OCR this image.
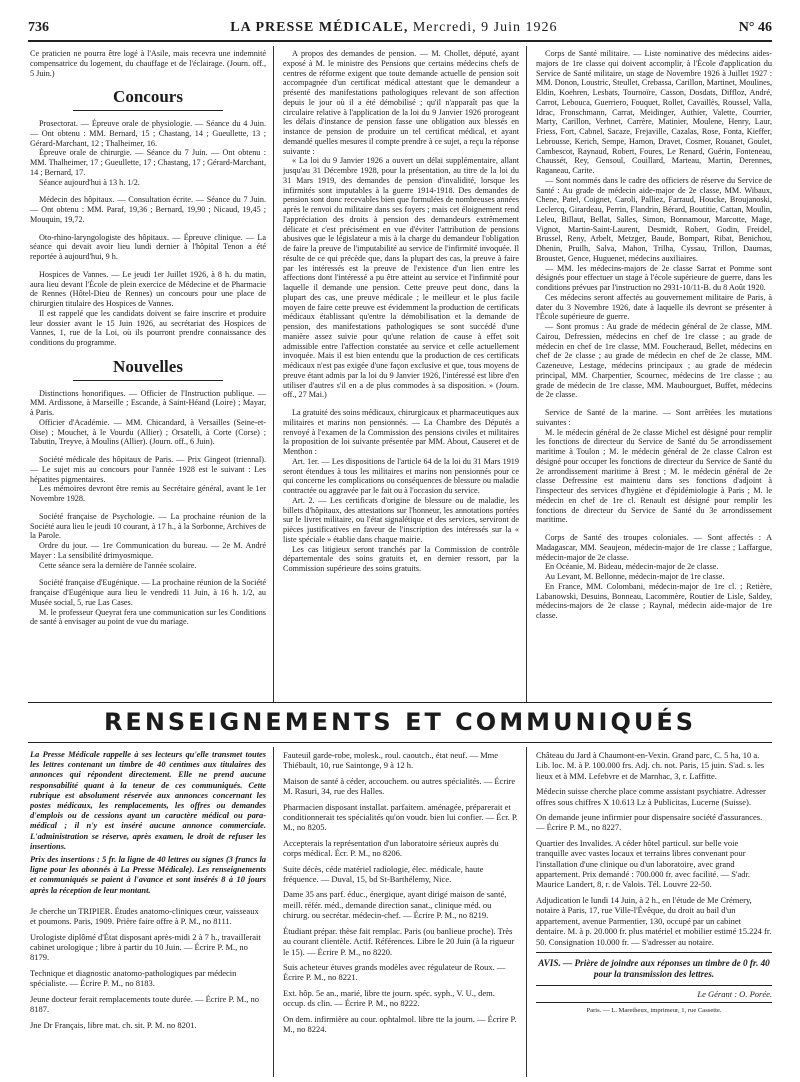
736	LA PRESSE MÉDICALE, Mercredi, 9 Juin 1926	N° 46

Ce praticien ne pourra être logé à l'Asile, mais recevra une indemnité compensatrice du logement, du chauffage et de l'éclairage. (Journ. off., 5 Juin.)

Concours

Prosectorat. — Épreuve orale de physiologie. — Séance du 4 Juin. — Ont obtenu : MM. Bernard, 15 ; Chastang, 14 ; Gueullette, 13 ; Gérard-Marchant, 12 ; Thalheimer, 16.

Épreuve orale de chirurgie. — Séance du 7 Juin. — Ont obtenu : MM. Thalheimer, 17 ; Gueullette, 17 ; Chastang, 17 ; Gérard-Marchant, 14 ; Bernard, 17.

Séance aujourd'hui à 13 h. 1/2.

Médecin des hôpitaux. — Consultation écrite. — Séance du 7 Juin. — Ont obtenu : MM. Paraf, 19,36 ; Bernard, 19,90 ; Nicaud, 19,45 ; Mouquin, 19,72.

Oto-rhino-laryngologiste des hôpitaux. — Épreuve clinique. — La séance qui devait avoir lieu lundi dernier à l'hôpital Tenon a été reportée à aujourd'hui, 9 h.

Hospices de Vannes. — Le jeudi 1er Juillet 1926, à 8 h. du matin, aura lieu devant l'École de plein exercice de Médecine et de Pharmacie de Rennes (Hôtel-Dieu de Rennes) un concours pour une place de chirurgien titulaire des Hospices de Vannes.

Il est rappelé que les candidats doivent se faire inscrire et produire leur dossier avant le 15 Juin 1926, au secrétariat des Hospices de Vannes, 1, rue de la Loi, où ils pourront prendre connaissance des conditions du programme.

Nouvelles

Distinctions honorifiques. — Officier de l'Instruction publique. — MM. Ardissone, à Marseille ; Escande, à Saint-Héand (Loire) ; Mayar, à Paris.

Officier d'Académie. — MM. Chicandard, à Versailles (Seine-et-Oise) ; Mouchet, à le Vourdu (Allier) ; Orsatelli, à Corte (Corse) ; Tabutin, Treyve, à Moulins (Allier). (Journ. off., 6 Juin).

Société médicale des hôpitaux de Paris. — Prix Gingeot (triennal). — Le sujet mis au concours pour l'année 1928 est le suivant : Les hépatites pigmentaires.

Les mémoires devront être remis au Secrétaire général, avant le 1er Novembre 1928.

Société française de Psychologie. — La prochaine réunion de la Société aura lieu le jeudi 10 courant, à 17 h., à la Sorbonne, Archives de la Parole.

Ordre du jour. — 1re Communication du bureau. — 2e M. André Mayer : La sensibilité drimyosmique.

Cette séance sera la dernière de l'année scolaire.

Société française d'Eugénique. — La prochaine réunion de la Société française d'Eugénique aura lieu le vendredi 11 Juin, à 16 h. 1/2, au Musée social, 5, rue Las Cases.

M. le professeur Queyrat fera une communication sur les Conditions de santé à envisager au point de vue du mariage.

A propos des demandes de pension. — M. Chollet, député, ayant exposé à M. le ministre des Pensions que certains médecins chefs de centres de réforme exigent que toute demande actuelle de pension soit accompagnée d'un certificat médical attestant que le demandeur a présenté des manifestations pathologiques relevant de son affection depuis le jour où il a été démobilisé ; qu'il n'apparaît pas que la circulaire relative à l'application de la loi du 9 Janvier 1926 prorogeant les délais d'instance de pension fasse une obligation aux blessés en instance de pension de produire un tel certificat médical, et ayant demandé quelles mesures il compte prendre à ce sujet, a reçu la réponse suivante :

« La loi du 9 Janvier 1926 a ouvert un délai supplémentaire, allant jusqu'au 31 Décembre 1928, pour la présentation, au titre de la loi du 31 Mars 1919, des demandes de pension d'invalidité, lorsque les infirmités sont imputables à la guerre 1914-1918. Des demandes de pension sont donc recevables bien que formulées de nombreuses années après le renvoi du militaire dans ses foyers ; mais cet éloignement rend l'appréciation des droits à pension des demandeurs extrêmement délicate et c'est précisément en vue d'éviter l'attribution de pensions abusives que le législateur a mis à la charge du demandeur l'obligation de faire la preuve de l'imputabilité au service de l'infirmité invoquée. Il résulte de ce qui précède que, dans la plupart des cas, la preuve à faire par les intéressés est la preuve de l'existence d'un lien entre les affections dont l'intéressé a pu être atteint au service et l'infirmité pour laquelle il demande une pension. Cette preuve peut donc, dans la plupart des cas, une preuve médicale ; le meilleur et le plus facile moyen de faire cette preuve est évidemment la production de certificats médicaux établissant qu'entre la démobilisation et la demande de pension, des manifestations pathologiques se sont succédé d'une manière assez suivie pour qu'une relation de cause à effet soit admissible entre l'affection constatée au service et celle actuellement invoquée. Mais il est bien entendu que la production de ces certificats médicaux n'est pas exigée d'une façon exclusive et que, tous moyens de preuve étant admis par la loi du 9 Janvier 1926, l'intéressé est libre d'en utiliser d'autres s'il en a de plus commodes à sa disposition. » (Journ. off., 27 Mai.)

La gratuité des soins médicaux, chirurgicaux et pharmaceutiques aux militaires et marins non pensionnés. — La Chambre des Députés a renvoyé à l'examen de la Commission des pensions civiles et militaires la proposition de loi suivante présentée par MM. About, Causeret et de Menthon :

Art. 1er. — Les dispositions de l'article 64 de la loi du 31 Mars 1919 seront étendues à tous les militaires et marins non pensionnés pour ce qui concerne les complications ou conséquences de blessure ou maladie contractée ou aggravée par le fait ou à l'occasion du service.

Art. 2. — Les certificats d'origine de blessure ou de maladie, les billets d'hôpitaux, des attestations sur l'honneur, les annotations portées sur le livret militaire, ou l'état signalétique et des services, serviront de pièces justificatives en faveur de l'inscription des intéressés sur la « liste spéciale » établie dans chaque mairie.

Les cas litigieux seront tranchés par la Commission de contrôle départementale des soins gratuits et, en dernier ressort, par la Commission supérieure des soins gratuits.

Corps de Santé militaire. — Liste nominative des médecins aides-majors de 1re classe qui doivent accomplir, à l'École d'application du Service de Santé militaire, un stage de Novembre 1926 à Juillet 1927 : MM. Donon, Loustric, Steullet, Crebassa, Carillon, Martinet, Moulines, Eldin, Koehren, Lesbats, Tournoïre, Casson, Dosdats, Diffloz, André, Carrot, Lebouca, Guerriero, Fouquet, Rollet, Cavaillès, Roussel, Valla, Idrac, Fronschmann, Carrat, Meidinger, Authier, Valette, Courrier, Marty, Carillon, Verhnet, Carrère, Matinier, Moulene, Henry, Laur, Friess, Fort, Cabnel, Sacaze, Frejaville, Cazalas, Rose, Fonta, Kieffer, Lebrousse, Kerich, Sempe, Hamon, Dravet, Cosmer, Rouanet, Goulet, Cambescot, Raynaud, Robert, Foures, Le Renard, Guérin, Fonteneau, Chaussét, Rey, Gensoul, Couillard, Marteau, Martin, Derennes, Raganeau, Carite.

— Sont nommés dans le cadre des officiers de réserve du Service de Santé : Au grade de médecin aide-major de 2e classe, MM. Wibaux, Chene, Patel, Coignet, Caroli, Palliez, Farraud, Houcke, Broujanoski, Leclercq, Girardeau, Perrin, Flandrin, Bérard, Boutitie, Cattan, Moulin, Leleu, Billaut, Bellat, Salles, Simon, Bonnamour, Marcotte, Mage, Vignot, Martin-Saint-Laurent, Desmidt, Robert, Godin, Freidel, Brussel, Reny, Arbelt, Metzger, Baude, Bompart, Ribat, Benichou, Dhenin, Pruilh, Salva, Mahon, Trilha, Cyssau, Trillon, Daumas, Broustet, Gence, Huguenet, médecins auxiliaires.

— MM. les médecins-majors de 2e classe Sarrat et Pomme sont désignés pour effectuer un stage à l'école supérieure de guerre, dans les conditions prévues par l'instruction no 2931-10/11-B. du 8 Août 1920.

Ces médecins seront affectés au gouvernement militaire de Paris, à dater du 3 Novembre 1926, date à laquelle ils devront se présenter à l'École supérieure de guerre.

— Sont promus : Au grade de médecin général de 2e classe, MM. Cairou, Defressien, médecins en chef de 1re classe ; au grade de médecin en chef de 1re classe, MM. Foucheraud, Bellet, médecins en chef de 2e classe ; au grade de médecin en chef de 2e classe, MM. Cazeneuve, Lestage, médecins principaux ; au grade de médecin principal, MM. Charpentier, Scournec, médecins de 1re classe ; au grade de médecin de 1re classe, MM. Maubourguet, Buffet, médecins de 2e classe.

Service de Santé de la marine. — Sont arrêtées les mutations suivantes :

M. le médecin général de 2e classe Michel est désigné pour remplir les fonctions de directeur du Service de Santé du 5e arrondissement maritime à Toulon ; M. le médecin général de 2e classe Calron est désigné pour occuper les fonctions de directeur du Service de Santé du 2e arrondissement maritime à Brest ; M. le médecin général de 2e classe Defressine est maintenu dans ses fonctions d'adjoint à l'inspecteur des services d'hygiène et d'épidémiologie à Paris ; M. le médecin en chef de 1re cl. Renault est désigné pour remplir les fonctions de directeur du Service de Santé du 3e arrondissement maritime.

Corps de Santé des troupes coloniales. — Sont affectés : A Madagascar, MM. Seaujeon, médecin-major de 1re classe ; Laffargue, médecin-major de 2e classe.

En Océanie, M. Bideau, médecin-major de 2e classe.

Au Levant, M. Bellonne, médecin-major de 1re classe.

En France, MM. Colombani, médecin-major de 1re cl. ; Retière, Labanowski, Desuins, Bonneau, Lacommère, Routier de Lisle, Saldey, médecins-majors de 2e classe ; Raynal, médecin aide-major de 1re classe.

RENSEIGNEMENTS ET COMMUNIQUÉS

La Presse Médicale rappelle à ses lecteurs qu'elle transmet toutes les lettres contenant un timbre de 40 centimes aux titulaires des annonces qui répondent directement. Elle ne prend aucune responsabilité quant à la teneur de ces communiqués. Cette rubrique est absolument réservée aux annonces concernant les postes médicaux, les remplacements, les offres ou demandes d'emplois ou de cessions ayant un caractère médical ou para-médical ; il n'y est inséré aucune annonce commerciale. L'administration se réserve, après examen, le droit de refuser les insertions.

Prix des insertions : 5 fr. la ligne de 40 lettres ou signes (3 francs la ligne pour les abonnés à La Presse Médicale). Les renseignements et communiqués se paient à l'avance et sont insérés 8 à 10 jours après la réception de leur montant.

Je cherche un TRIPIER. Études anatomo-cliniques cœur, vaisseaux et poumons. Paris, 1909. Prière faire offre à P. M., no 8111.

Urologiste diplômé d'État disposant après-midi 2 à 7 h., travaillerait cabinet urologique ; libre à partir du 10 Juin. — Écrire P. M., no 8179.

Technique et diagnostic anatomo-pathologiques par médecin spécialiste. — Écrire P. M., no 8183.

Jeune docteur ferait remplacements toute durée. — Écrire P. M., no 8187.

Jne Dr Français, libre mat. ch. sit. P. M. no 8201.

Fauteuil garde-robe, molesk., roul. caoutch., état neuf. — Mme Thiébault, 10, rue Saintonge, 9 à 12 h.

Maison de santé à céder, accouchem. ou autres spécialités. — Écrire M. Rasuri, 34, rue des Halles.

Pharmacien disposant installat. parfaitem. aménagée, préparerait et conditionnerait tes spécialités qu'on voudr. bien lui confier. — Écr. P. M., no 8205.

Accepterais la représentation d'un laboratoire sérieux auprès du corps médical. Écr. P. M., no 8206.

Suite décès, céde matériel radiologie, élec. médicale, haute fréquence. — Duval, 15, bd St-Barthélemy, Nice.

Dame 35 ans parf. éduc., énergique, ayant dirigé maison de santé, meill. référ. méd., demande direction sanat., clinique méd. ou chirurg. ou secrétar. médecin-chef. — Écrire P. M., no 8219.

Étudiant prépar. thèse fait remplac. Paris (ou banlieue proche). Très au courant clientèle. Actif. Références. Libre le 20 Juin (à la rigueur le 15). — Écrire P. M., no 8220.

Suis acheteur étuves grands modèles avec régulateur de Roux. — Écrire P. M., no 8221.

Ext. hôp. 5e an., marié, libre tte journ. spéc. syph., V. U., dem. occup. ds clin. — Écrire P. M., no 8222.

On dem. infirmière au cour. ophtalmol. libre tte la journ. — Écrire P. M., no 8224.

Château du Jard à Chaumont-en-Vexin. Grand parc, C. 5 ha, 10 a. Lib. loc. M. à P. 100.000 frs. Adj. ch. not. Paris, 15 juin. S'ad. s. les lieux et à MM. Lefebvre et de Marnhac, 3, r. Laffitte.

Médecin suisse cherche place comme assistant psychiatre. Adresser offres sous chiffres X 10.613 Lz à Publicitas, Lucerne (Suisse).

On demande jeune infirmier pour dispensaire société d'assurances. — Écrire P. M., no 8227.

Quartier des Invalides. A céder hôtel particul. sur belle voie tranquille avec vastes locaux et terrains libres convenant pour l'installation d'une clinique ou d'un laboratoire, avec grand appartement. Prix demandé : 700.000 fr. avec facilité. — S'adr. Maurice Landert, 8, r. de Valois. Tél. Louvre 22-50.

Adjudication le lundi 14 Juin, à 2 h., en l'étude de Me Crémery, notaire à Paris, 17, rue Ville-l'Évêque, du droit au bail d'un appartement, avenue Parmentier, 130, occupé par un cabinet dentaire. M. à p. 20.000 fr. plus matériel et mobilier estimé 15.224 fr. 50. Consignation 10.000 fr. — S'adresser au notaire.

AVIS. — Prière de joindre aux réponses un timbre de 0 fr. 40 pour la transmission des lettres.
Le Gérant : O. Porée.
Paris. — L. Maretheux, imprimeur, 1, rue Cassette.
